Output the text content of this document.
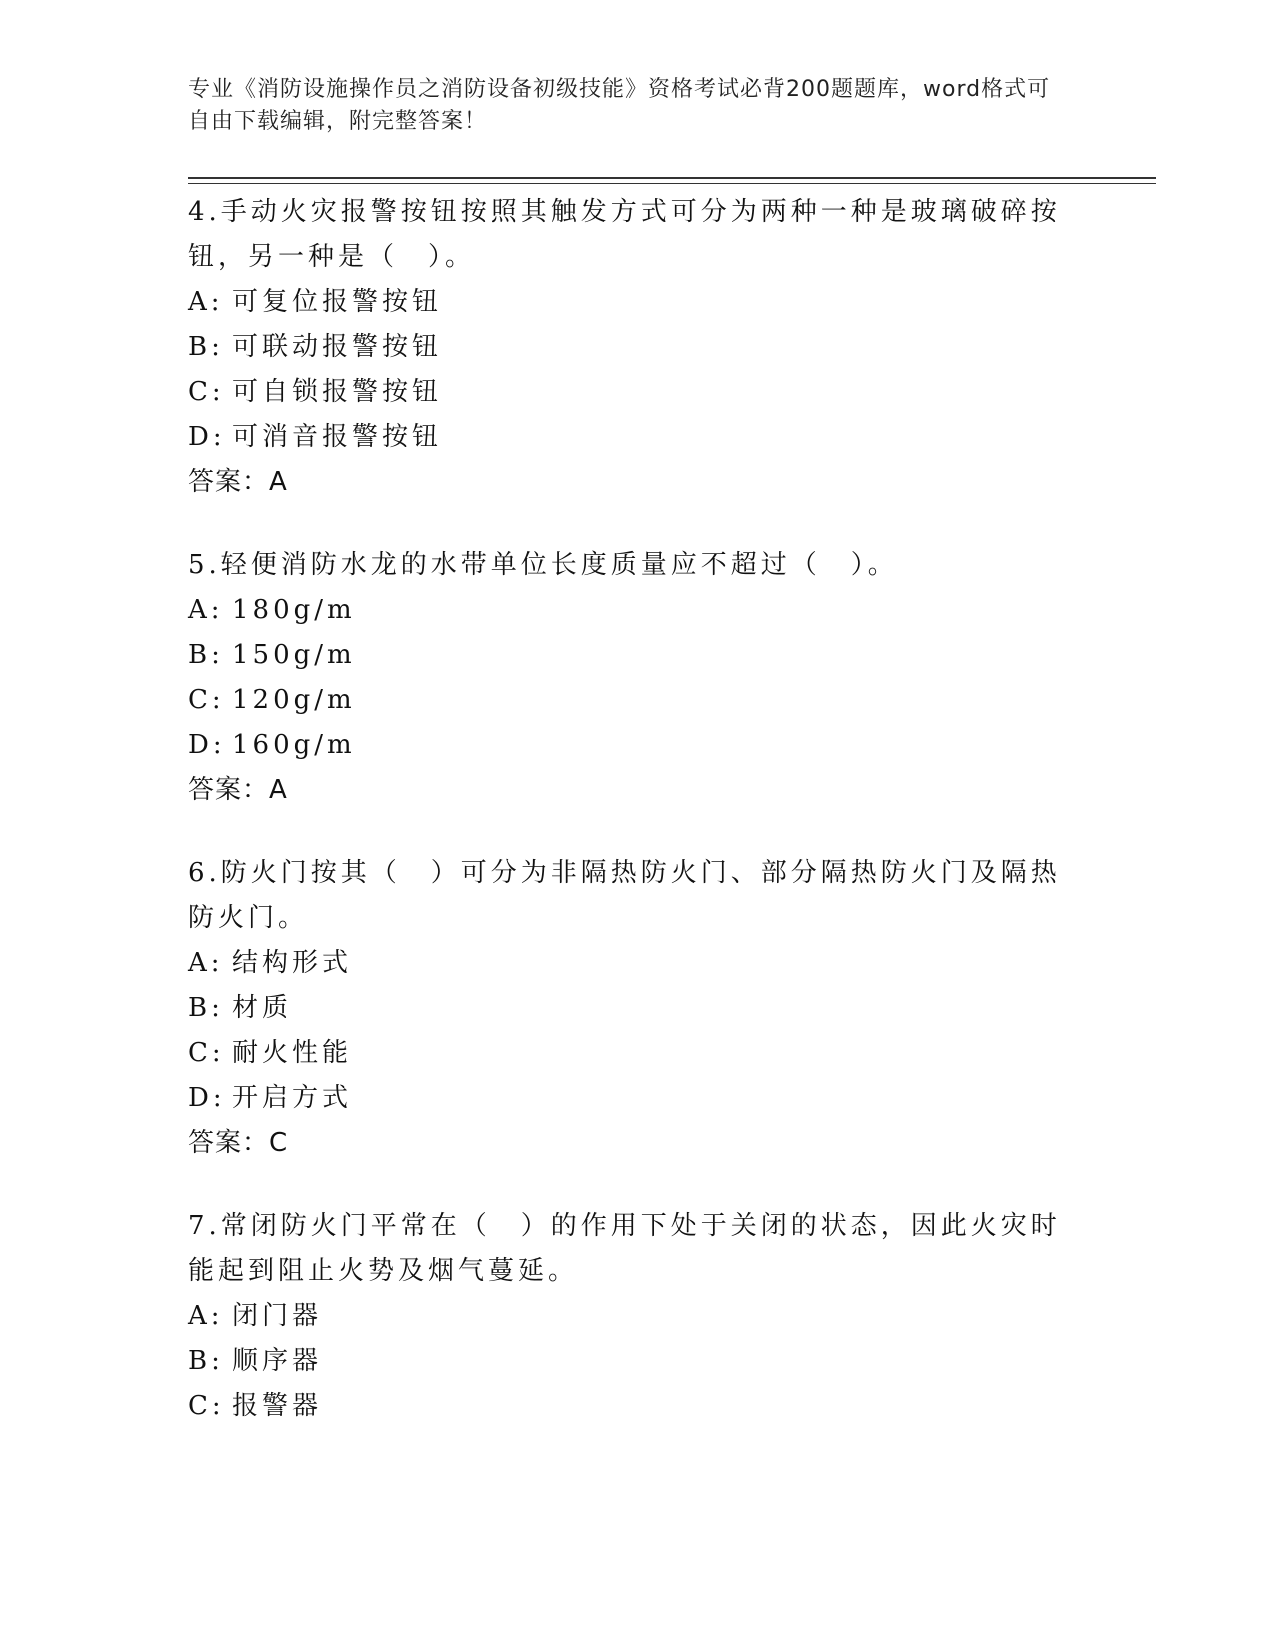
专业《消防设施操作员之消防设备初级技能》资格考试必背200题题库，word格式可自由下载编辑，附完整答案！

4.手动火灾报警按钮按照其触发方式可分为两种一种是玻璃破碎按钮，另一种是（　）。

A: 可复位报警按钮

B: 可联动报警按钮

C: 可自锁报警按钮

D: 可消音报警按钮

答案：A

5.轻便消防水龙的水带单位长度质量应不超过（　）。

A: 180g/m

B: 150g/m

C: 120g/m

D: 160g/m

答案：A

6.防火门按其（　）可分为非隔热防火门、部分隔热防火门及隔热防火门。

A: 结构形式

B: 材质

C: 耐火性能

D: 开启方式

答案：C

7.常闭防火门平常在（　）的作用下处于关闭的状态，因此火灾时能起到阻止火势及烟气蔓延。

A: 闭门器

B: 顺序器

C: 报警器
